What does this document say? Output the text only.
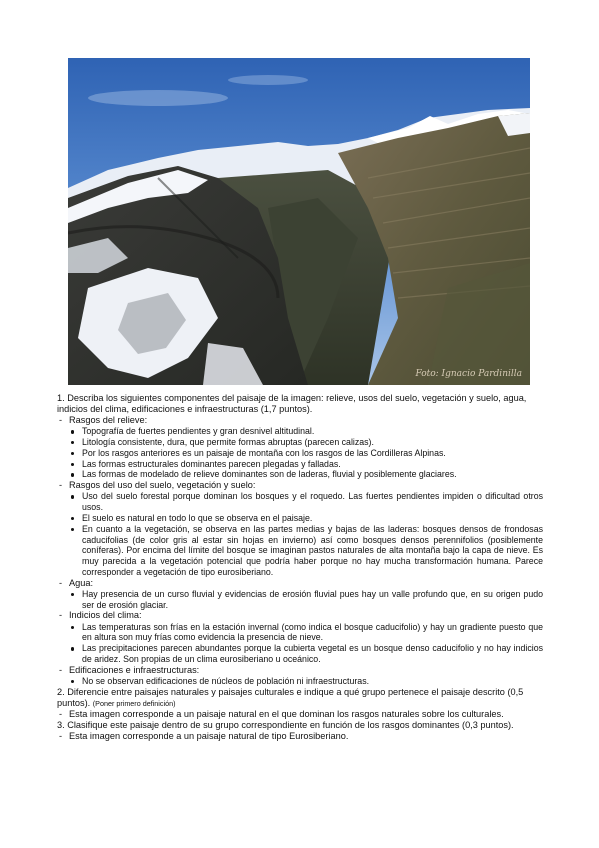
Foto: Ignacio Pardinilla

1. Describa los siguientes componentes del paisaje de la imagen: relieve, usos del suelo, vegetación y suelo, agua, indicios del clima, edificaciones e infraestructuras (1,7 puntos).

- Rasgos del relieve:
Topografía de fuertes pendientes y gran desnivel altitudinal.
Litología consistente, dura, que permite formas abruptas (parecen calizas).
Por los rasgos anteriores es un paisaje de montaña con los rasgos de las Cordilleras Alpinas.
Las formas estructurales dominantes parecen plegadas y falladas.
Las formas de modelado de relieve dominantes son de laderas, fluvial y posiblemente glaciares.
- Rasgos del uso del suelo, vegetación y suelo:
Uso del suelo forestal porque dominan los bosques y el roquedo. Las fuertes pendientes impiden o dificultad otros usos.
El suelo es natural en todo lo que se observa en el paisaje.
En cuanto a la vegetación, se observa en las partes medias y bajas de las laderas: bosques densos de frondosas caducifolias (de color gris al estar sin hojas en invierno) así como bosques densos perennifolios (posiblemente coníferas). Por encima del límite del bosque se imaginan pastos naturales de alta montaña bajo la capa de nieve. Es muy parecida a la vegetación potencial que podría haber porque no hay mucha transformación humana. Parece corresponder a vegetación de tipo eurosiberiano.
- Agua:
Hay presencia de un curso fluvial y evidencias de erosión fluvial pues hay un valle profundo que, en su origen pudo ser de erosión glaciar.
- Indicios del clima:
Las temperaturas son frías en la estación invernal (como indica el bosque caducifolio) y hay un gradiente puesto que en altura son muy frías como evidencia la presencia de nieve.
Las precipitaciones parecen abundantes porque la cubierta vegetal es un bosque denso caducifolio y no hay indicios de aridez. Son propias de un clima eurosiberiano u oceánico.
- Edificaciones e infraestructuras:
No se observan edificaciones de núcleos de población ni infraestructuras.

2. Diferencie entre paisajes naturales y paisajes culturales e indique a qué grupo pertenece el paisaje descrito (0,5 puntos). (Poner primero definición)

- Esta imagen corresponde a un paisaje natural en el que dominan los rasgos naturales sobre los culturales.

3. Clasifique este paisaje dentro de su grupo correspondiente en función de los rasgos dominantes (0,3 puntos).

- Esta imagen corresponde a un paisaje natural de tipo Eurosiberiano.
